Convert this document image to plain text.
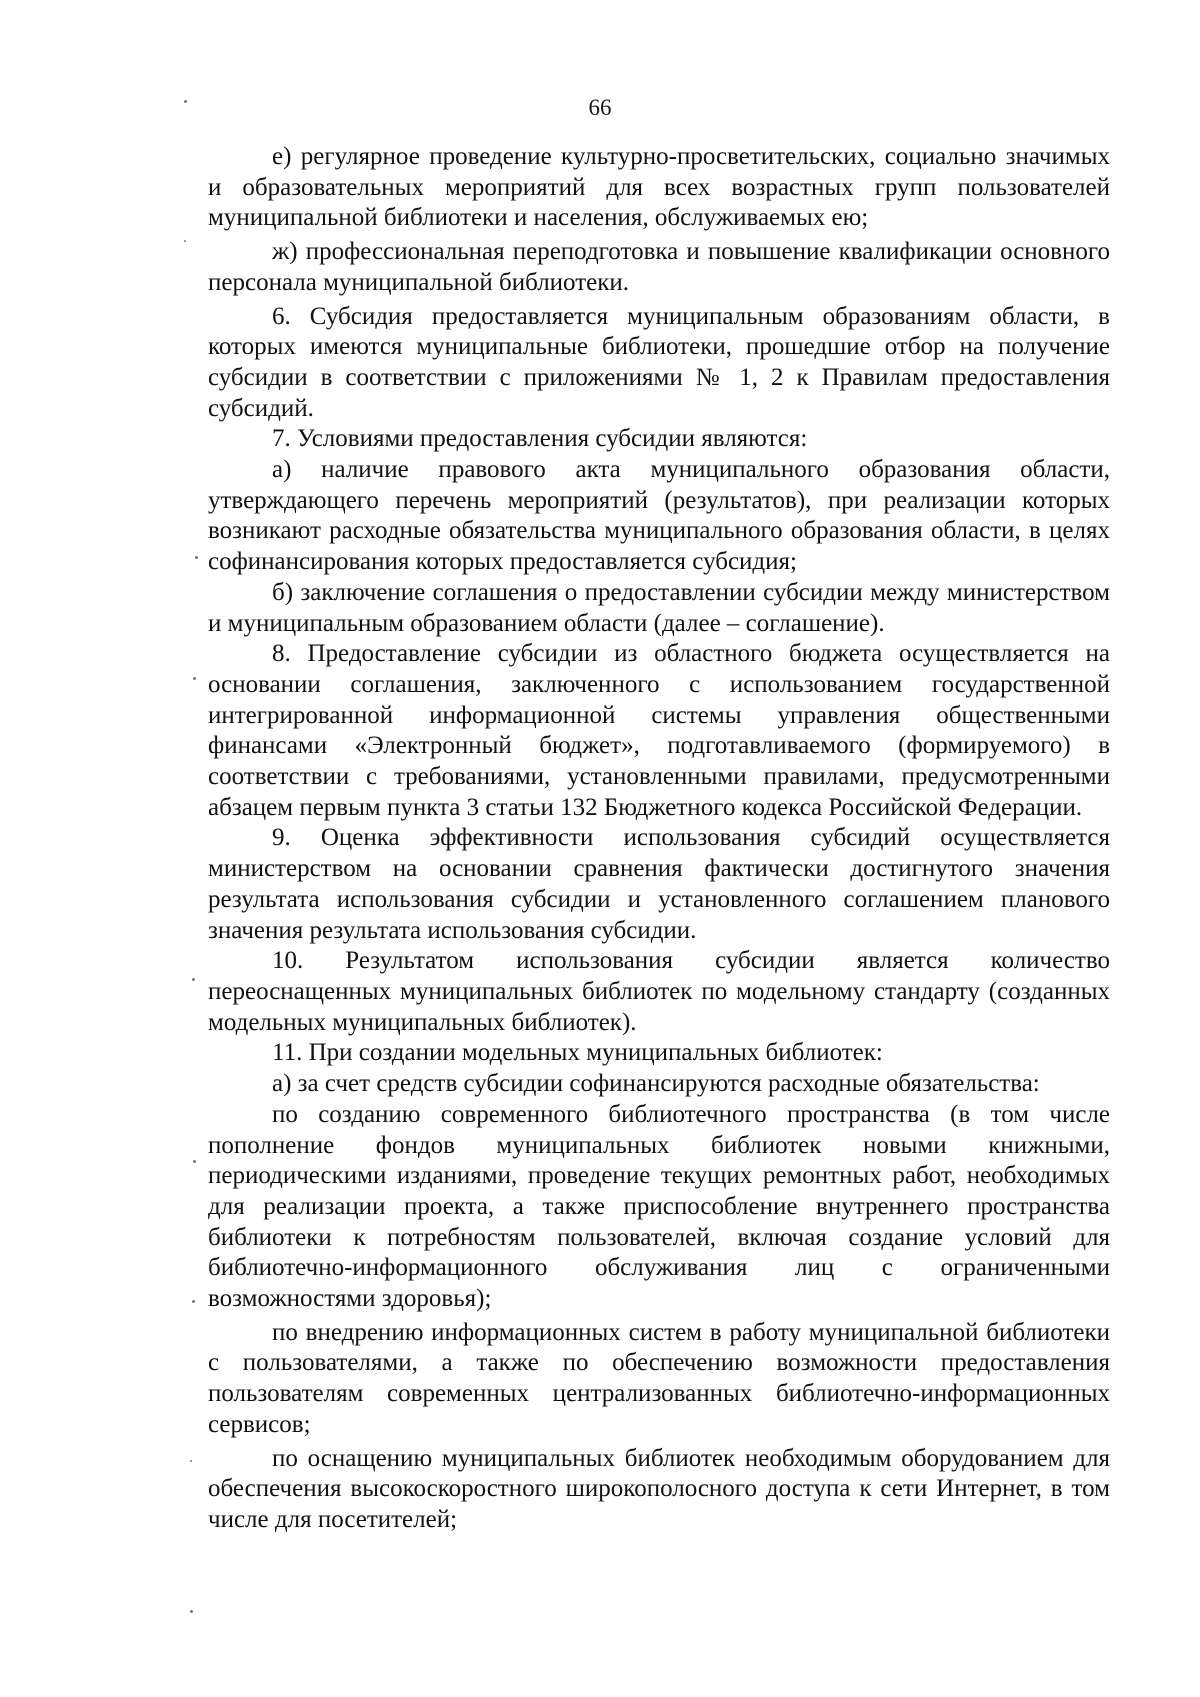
66

е) регулярное проведение культурно-просветительских, социально значимых и образовательных мероприятий для всех возрастных групп пользователей муниципальной библиотеки и населения, обслуживаемых ею;

ж) профессиональная переподготовка и повышение квалификации основного персонала муниципальной библиотеки.

6. Субсидия предоставляется муниципальным образованиям области, в которых имеются муниципальные библиотеки, прошедшие отбор на получение субсидии в соответствии с приложениями № 1, 2 к Правилам предоставления субсидий.

7. Условиями предоставления субсидии являются:

а) наличие правового акта муниципального образования области, утверждающего перечень мероприятий (результатов), при реализации которых возникают расходные обязательства муниципального образования области, в целях софинансирования которых предоставляется субсидия;

б) заключение соглашения о предоставлении субсидии между министерством и муниципальным образованием области (далее – соглашение).

8. Предоставление субсидии из областного бюджета осуществляется на основании соглашения, заключенного с использованием государственной интегрированной информационной системы управления общественными финансами «Электронный бюджет», подготавливаемого (формируемого) в соответствии с требованиями, установленными правилами, предусмотренными абзацем первым пункта 3 статьи 132 Бюджетного кодекса Российской Федерации.

9. Оценка эффективности использования субсидий осуществляется министерством на основании сравнения фактически достигнутого значения результата использования субсидии и установленного соглашением планового значения результата использования субсидии.

10. Результатом использования субсидии является количество переоснащенных муниципальных библиотек по модельному стандарту (созданных модельных муниципальных библиотек).

11. При создании модельных муниципальных библиотек:

а) за счет средств субсидии софинансируются расходные обязательства:

по созданию современного библиотечного пространства (в том числе пополнение фондов муниципальных библиотек новыми книжными, периодическими изданиями, проведение текущих ремонтных работ, необходимых для реализации проекта, а также приспособление внутреннего пространства библиотеки к потребностям пользователей, включая создание условий для библиотечно-информационного обслуживания лиц с ограниченными возможностями здоровья);

по внедрению информационных систем в работу муниципальной библиотеки с пользователями, а также по обеспечению возможности предоставления пользователям современных централизованных библиотечно-информационных сервисов;

по оснащению муниципальных библиотек необходимым оборудованием для обеспечения высокоскоростного широкополосного доступа к сети Интернет, в том числе для посетителей;
